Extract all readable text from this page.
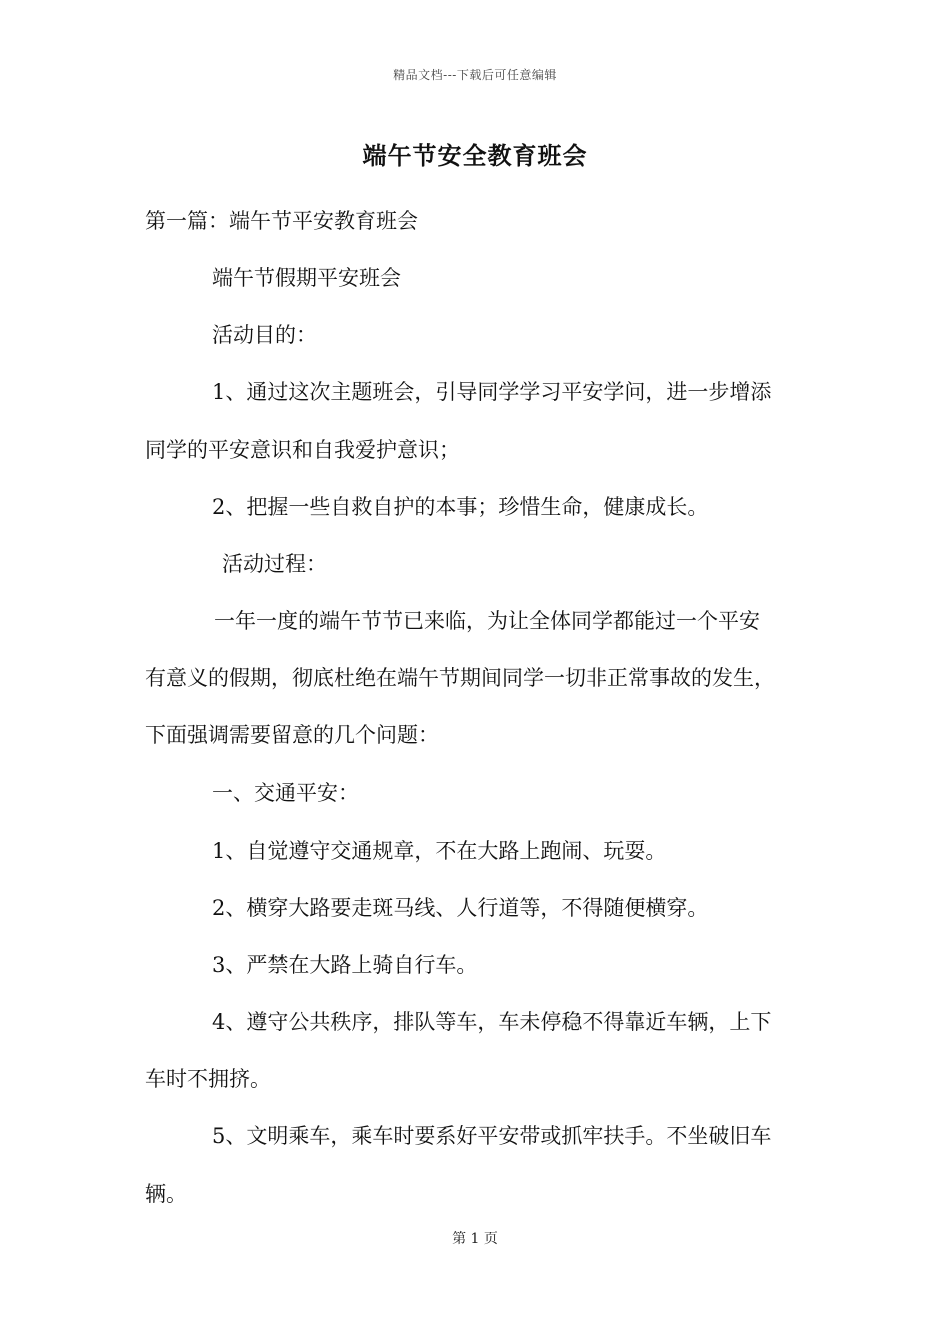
精品文档---下载后可任意编辑
端午节安全教育班会
第一篇：端午节平安教育班会
端午节假期平安班会
活动目的：
1、通过这次主题班会，引导同学学习平安学问，进一步增添
同学的平安意识和自我爱护意识；
2、把握一些自救自护的本事；珍惜生命，健康成长。
活动过程：
一年一度的端午节节已来临，为让全体同学都能过一个平安
有意义的假期，彻底杜绝在端午节期间同学一切非正常事故的发生，
下面强调需要留意的几个问题：
一、交通平安：
1、自觉遵守交通规章，不在大路上跑闹、玩耍。
2、横穿大路要走斑马线、人行道等，不得随便横穿。
3、严禁在大路上骑自行车。
4、遵守公共秩序，排队等车，车未停稳不得靠近车辆，上下
车时不拥挤。
5、文明乘车，乘车时要系好平安带或抓牢扶手。不坐破旧车
辆。
第 1 页
